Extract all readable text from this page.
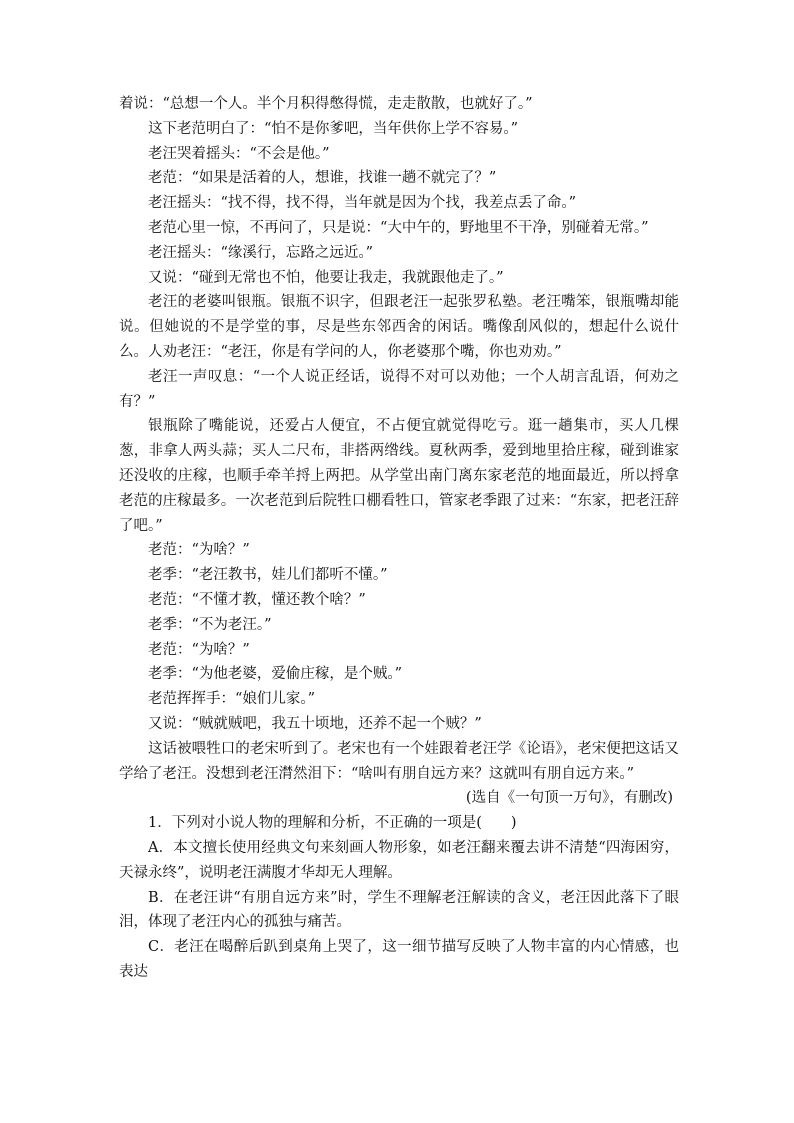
着说：“总想一个人。半个月积得憋得慌，走走散散，也就好了。”

这下老范明白了：“怕不是你爹吧，当年供你上学不容易。”

老汪哭着摇头：“不会是他。”

老范：“如果是活着的人，想谁，找谁一趟不就完了？”

老汪摇头：“找不得，找不得，当年就是因为个找，我差点丢了命。”

老范心里一惊，不再问了，只是说：“大中午的，野地里不干净，别碰着无常。”

老汪摇头：“缘溪行，忘路之远近。”

又说：“碰到无常也不怕，他要让我走，我就跟他走了。”

老汪的老婆叫银瓶。银瓶不识字，但跟老汪一起张罗私塾。老汪嘴笨，银瓶嘴却能说。但她说的不是学堂的事，尽是些东邻西舍的闲话。嘴像刮风似的，想起什么说什么。人劝老汪：“老汪，你是有学问的人，你老婆那个嘴，你也劝劝。”

老汪一声叹息：“一个人说正经话，说得不对可以劝他；一个人胡言乱语，何劝之有？”

银瓶除了嘴能说，还爱占人便宜，不占便宜就觉得吃亏。逛一趟集市，买人几棵葱，非拿人两头蒜；买人二尺布，非搭两绺线。夏秋两季，爱到地里拾庄稼，碰到谁家还没收的庄稼，也顺手牵羊捋上两把。从学堂出南门离东家老范的地面最近，所以捋拿老范的庄稼最多。一次老范到后院牲口棚看牲口，管家老季跟了过来：“东家，把老汪辞了吧。”

老范：“为啥？”

老季：“老汪教书，娃儿们都听不懂。”

老范：“不懂才教，懂还教个啥？”

老季：“不为老汪。”

老范：“为啥？”

老季：“为他老婆，爱偷庄稼，是个贼。”

老范挥挥手：“娘们儿家。”

又说：“贼就贼吧，我五十顷地，还养不起一个贼？”

这话被喂牲口的老宋听到了。老宋也有一个娃跟着老汪学《论语》，老宋便把这话又学给了老汪。没想到老汪潸然泪下：“啥叫有朋自远方来？这就叫有朋自远方来。”

(选自《一句顶一万句》，有删改)

1．下列对小说人物的理解和分析，不正确的一项是(　　)

A．本文擅长使用经典文句来刻画人物形象，如老汪翻来覆去讲不清楚“四海困穷，天禄永终”，说明老汪满腹才华却无人理解。

B．在老汪讲“有朋自远方来”时，学生不理解老汪解读的含义，老汪因此落下了眼泪，体现了老汪内心的孤独与痛苦。

C．老汪在喝醉后趴到桌角上哭了，这一细节描写反映了人物丰富的内心情感，也表达
